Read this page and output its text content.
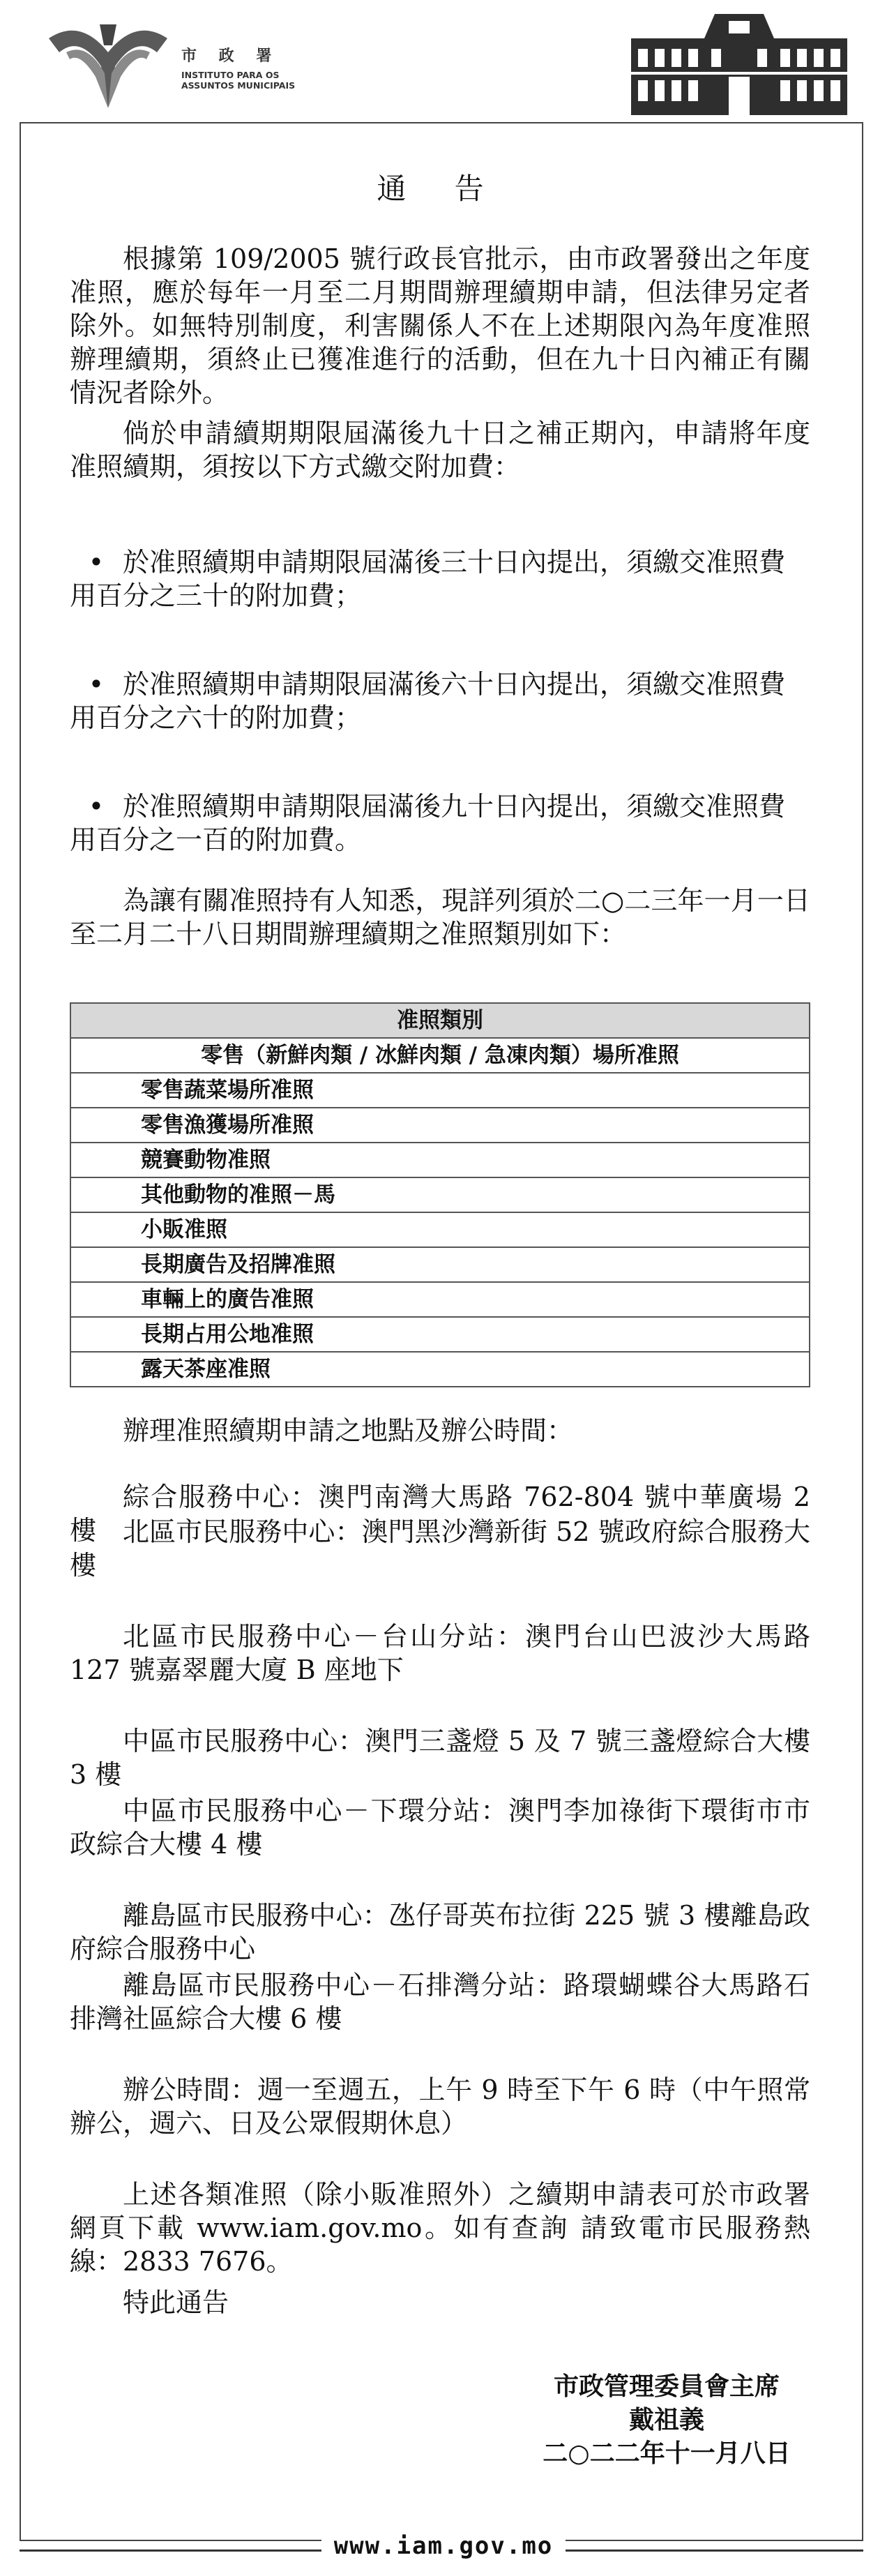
市 政 署
INSTITUTO PARA OS
ASSUNTOS MUNICIPAIS
通 告
根據第 109/2005 號行政長官批示，由市政署發出之年度准照，應於每年一月至二月期間辦理續期申請，但法律另定者除外。如無特別制度，利害關係人不在上述期限內為年度准照辦理續期，須終止已獲准進行的活動，但在九十日內補正有關情況者除外。
倘於申請續期期限屆滿後九十日之補正期內，申請將年度准照續期，須按以下方式繳交附加費：
• 於准照續期申請期限屆滿後三十日內提出，須繳交准照費用百分之三十的附加費；
• 於准照續期申請期限屆滿後六十日內提出，須繳交准照費用百分之六十的附加費；
• 於准照續期申請期限屆滿後九十日內提出，須繳交准照費用百分之一百的附加費。
為讓有關准照持有人知悉，現詳列須於二○二三年一月一日至二月二十八日期間辦理續期之准照類別如下：
准照類別
零售（新鮮肉類 / 冰鮮肉類 / 急凍肉類）場所准照
零售蔬菜場所准照
零售漁獲場所准照
競賽動物准照
其他動物的准照－馬
小販准照
長期廣告及招牌准照
車輛上的廣告准照
長期占用公地准照
露天茶座准照
辦理准照續期申請之地點及辦公時間：
綜合服務中心：澳門南灣大馬路 762-804 號中華廣場 2 樓 北區市民服務中心：澳門黑沙灣新街 52 號政府綜合服務大樓
北區市民服務中心－台山分站：澳門台山巴波沙大馬路 127 號嘉翠麗大廈 B 座地下
中區市民服務中心：澳門三盞燈 5 及 7 號三盞燈綜合大樓 3 樓
中區市民服務中心－下環分站：澳門李加祿街下環街市市政綜合大樓 4 樓
離島區市民服務中心：氹仔哥英布拉街 225 號 3 樓離島政府綜合服務中心
離島區市民服務中心－石排灣分站：路環蝴蝶谷大馬路石排灣社區綜合大樓 6 樓
辦公時間：週一至週五，上午 9 時至下午 6 時（中午照常辦公，週六、日及公眾假期休息）
上述各類准照（除小販准照外）之續期申請表可於市政署網頁下載 www.iam.gov.mo。如有查詢 請致電市民服務熱線：2833 7676。
特此通告
市政管理委員會主席
戴祖義
二○二二年十一月八日
www.iam.gov.mo
